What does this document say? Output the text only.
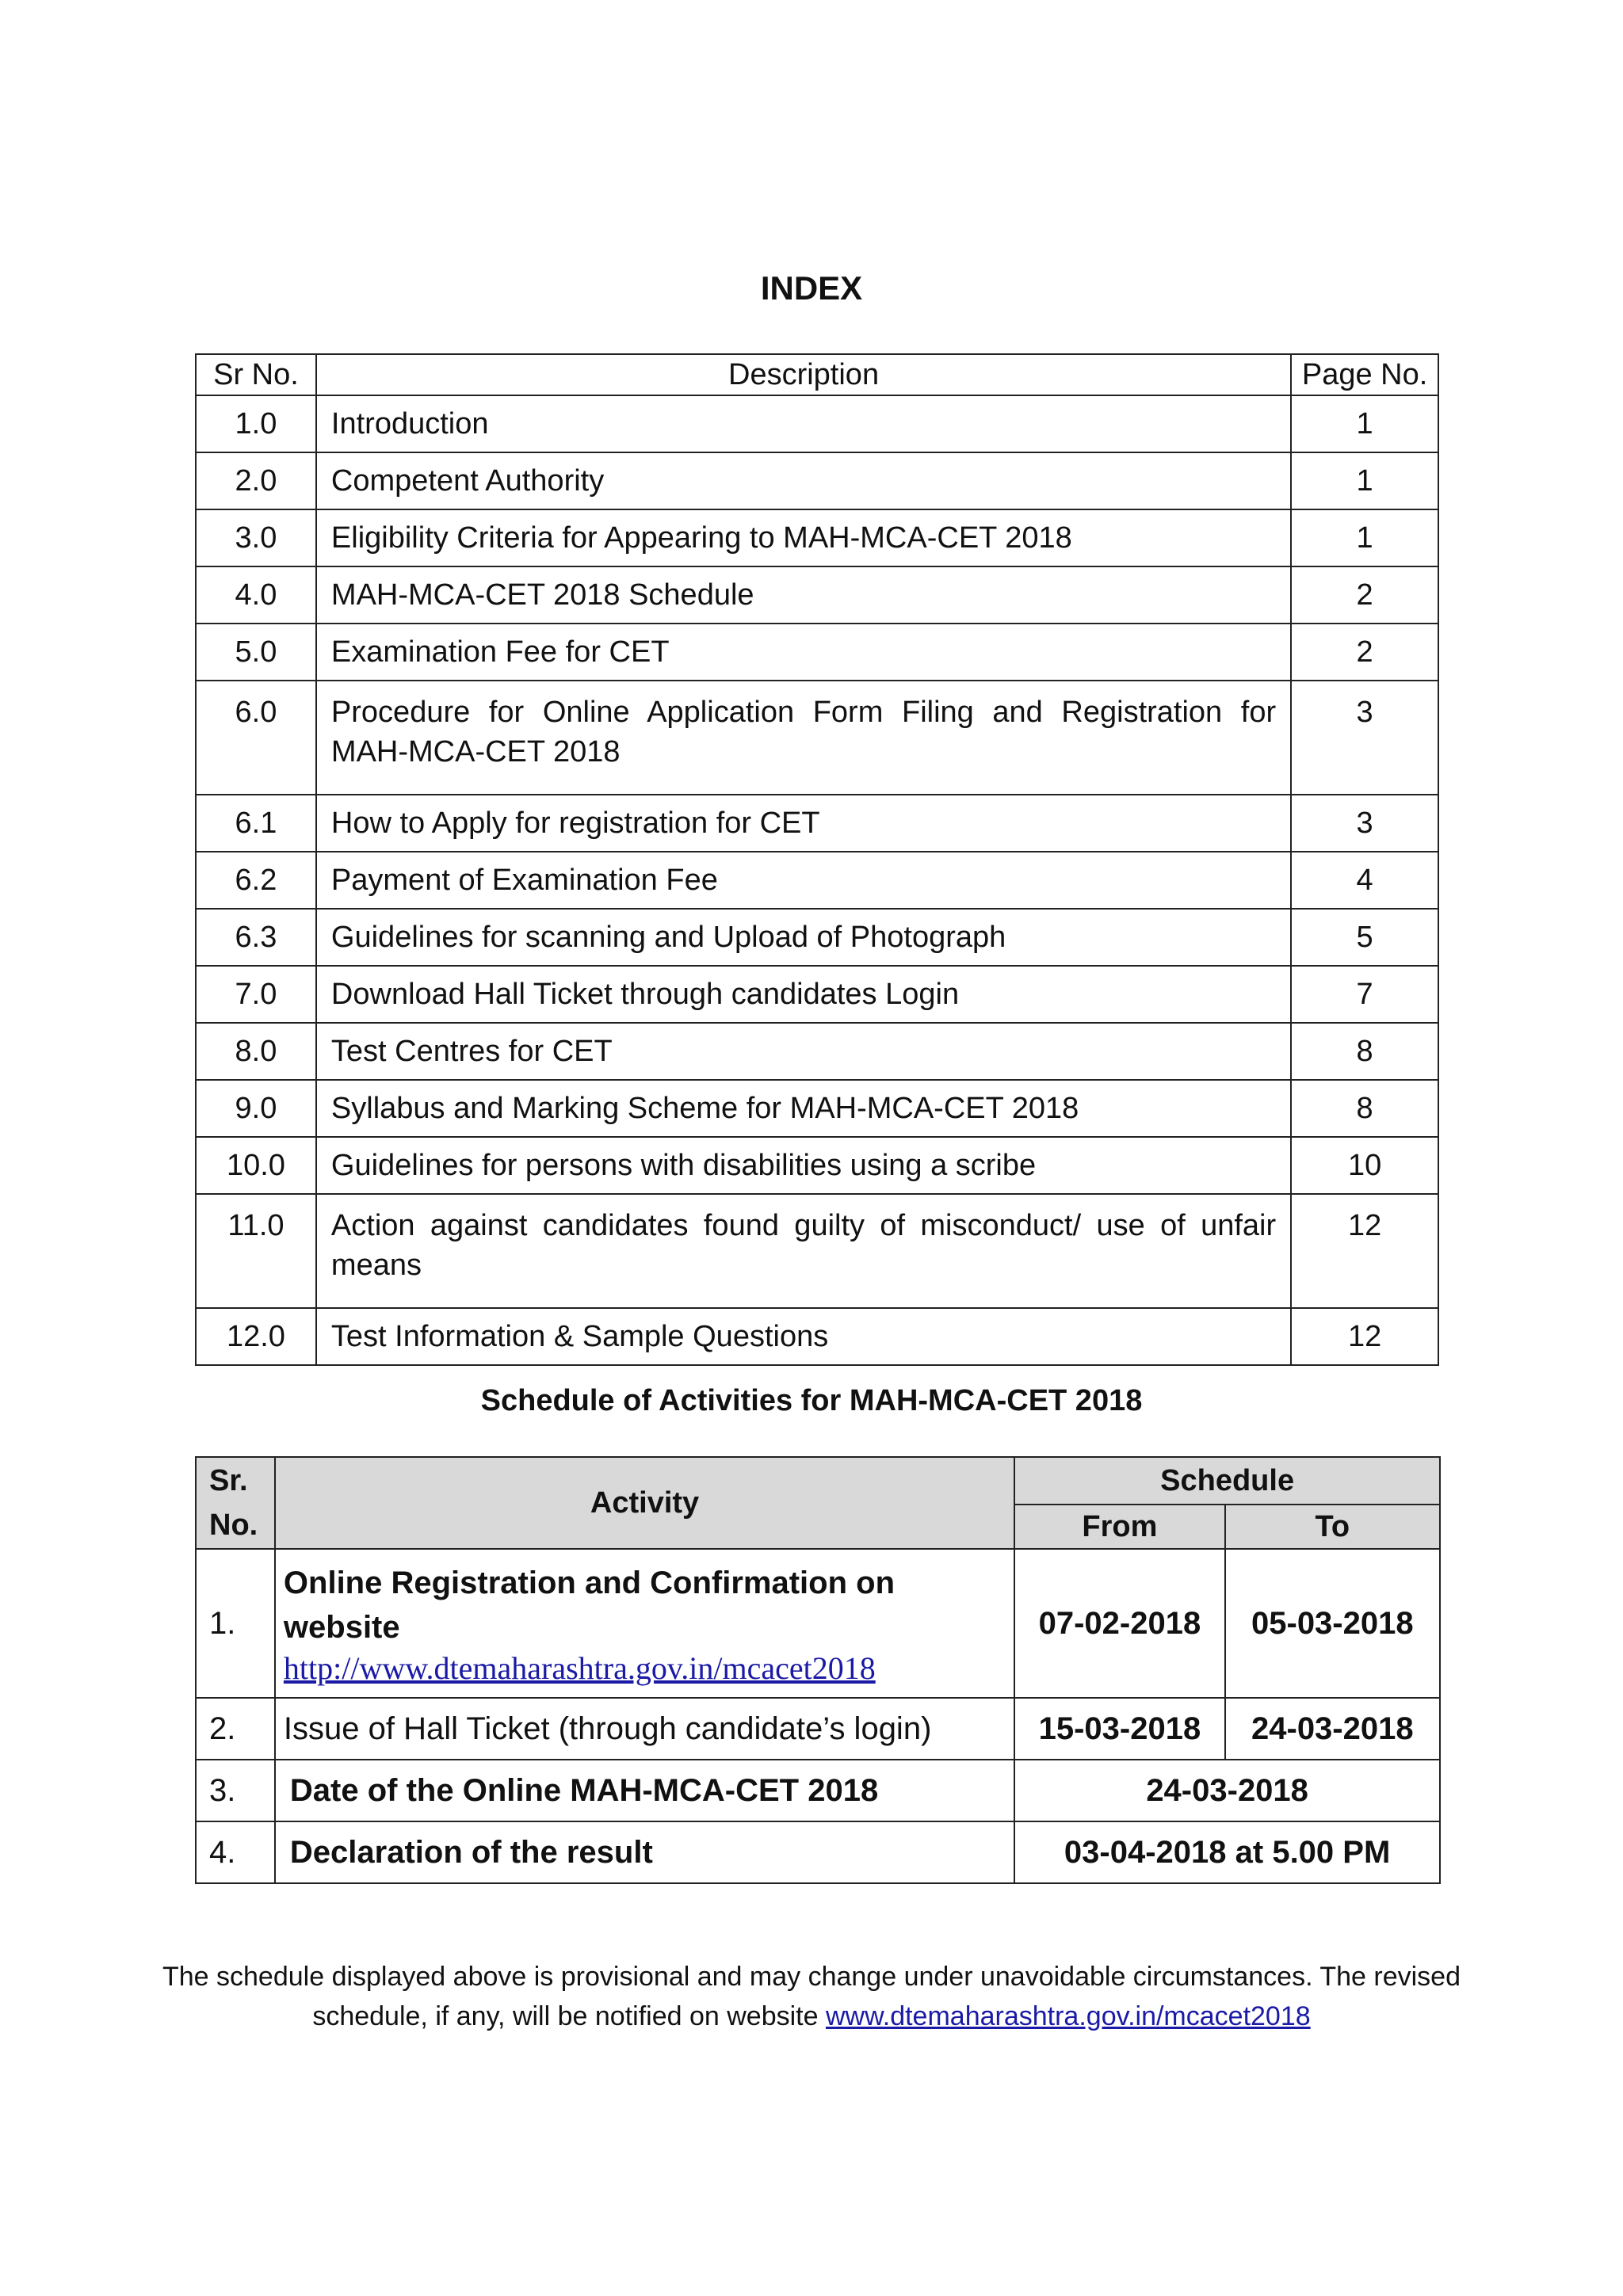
INDEX
Sr No.	Description	Page No.
1.0	Introduction	1
2.0	Competent Authority	1
3.0	Eligibility Criteria for Appearing to MAH-MCA-CET 2018	1
4.0	MAH-MCA-CET 2018 Schedule	2
5.0	Examination Fee for CET	2
6.0	Procedure for Online Application Form Filing and Registration for MAH-MCA-CET 2018	3
6.1	How to Apply for registration for CET	3
6.2	Payment of Examination Fee	4
6.3	Guidelines for scanning and Upload of Photograph	5
7.0	Download Hall Ticket through candidates Login	7
8.0	Test Centres for CET	8
9.0	Syllabus and Marking Scheme for MAH-MCA-CET 2018	8
10.0	Guidelines for persons with disabilities using a scribe	10
11.0	Action against candidates found guilty of misconduct/ use of unfair means	12
12.0	Test Information & Sample Questions	12
Schedule of Activities for MAH-MCA-CET 2018
Sr. No.	Activity	Schedule	
		From	To
1.	Online Registration and Confirmation on website
http://www.dtemaharashtra.gov.in/mcacet2018	07-02-2018	05-03-2018
2.	Issue of Hall Ticket (through candidate’s login)	15-03-2018	24-03-2018
3.	Date of the Online MAH-MCA-CET 2018	24-03-2018	
4.	Declaration of the result	03-04-2018 at 5.00 PM	
The schedule displayed above is provisional and may change under unavoidable circumstances. The revised schedule, if any, will be notified on website www.dtemaharashtra.gov.in/mcacet2018
